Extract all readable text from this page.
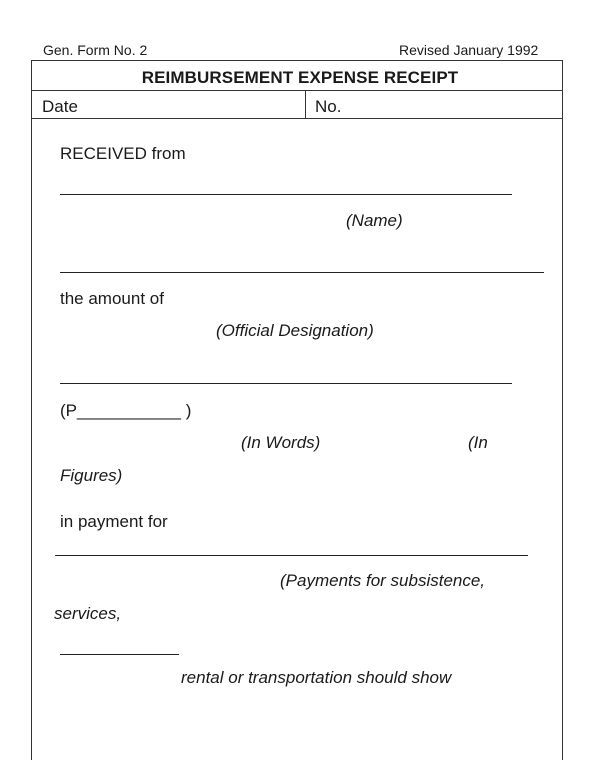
Gen. Form No. 2	Revised January 1992
REIMBURSEMENT EXPENSE RECEIPT
Date	No.
RECEIVED from
(Name)
the amount of
(Official Designation)
(P___________ )
(In Words)	(In
Figures)
in payment for
(Payments for subsistence,
services,
rental or transportation should show
